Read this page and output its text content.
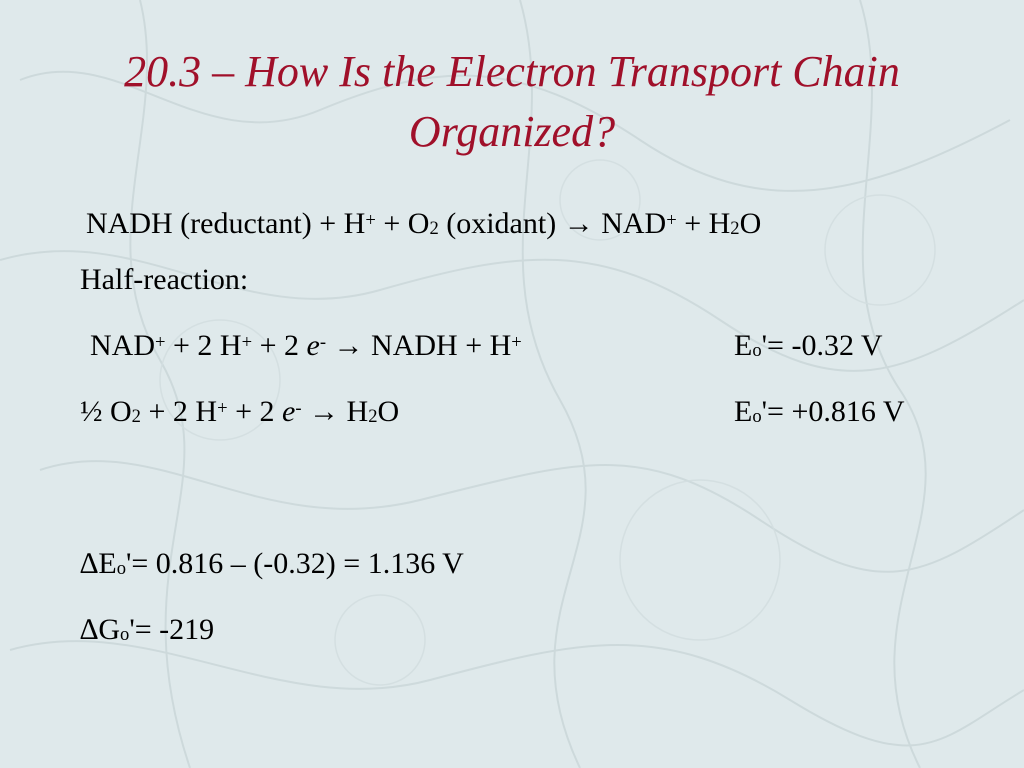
20.3 – How Is the Electron Transport Chain
Organized?
NADH (reductant) + $H^+ + O_2$ (oxidant) → $NAD^+ + H_2O$
Half-reaction:
NAD+ + 2 H+ + 2 e- → NADH + H+	$E_o'= -0.32$ V
½ $O_2 + 2$ H+ + 2 $e^- \to H_2O$	$E_o'= +0.816$ V
$\Delta E_o'= 0.816 - (-0.32) = 1.136$ V
$\Delta G_o'= -219$
